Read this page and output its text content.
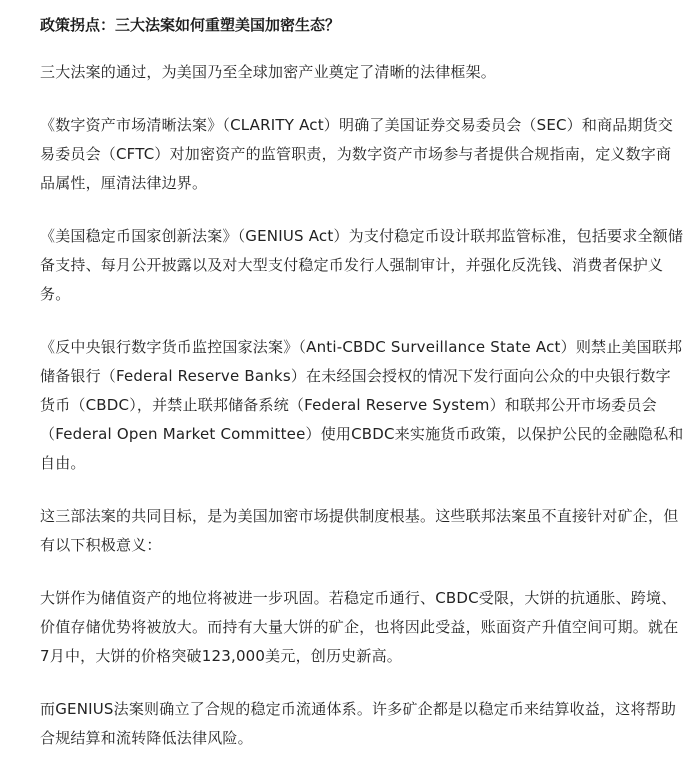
政策拐点：三大法案如何重塑美国加密生态？

三大法案的通过，为美国乃至全球加密产业奠定了清晰的法律框架。

《数字资产市场清晰法案》（CLARITY Act）明确了美国证券交易委员会（SEC）和商品期货交易委员会（CFTC）对加密资产的监管职责，为数字资产市场参与者提供合规指南，定义数字商品属性，厘清法律边界。

《美国稳定币国家创新法案》（GENIUS Act）为支付稳定币设计联邦监管标准，包括要求全额储备支持、每月公开披露以及对大型支付稳定币发行人强制审计，并强化反洗钱、消费者保护义务。

《反中央银行数字货币监控国家法案》（Anti-CBDC Surveillance State Act）则禁止美国联邦储备银行（Federal Reserve Banks）在未经国会授权的情况下发行面向公众的中央银行数字货币（CBDC），并禁止联邦储备系统（Federal Reserve System）和联邦公开市场委员会（Federal Open Market Committee）使用CBDC来实施货币政策，以保护公民的金融隐私和自由。

这三部法案的共同目标，是为美国加密市场提供制度根基。这些联邦法案虽不直接针对矿企，但有以下积极意义：

大饼作为储值资产的地位将被进一步巩固。若稳定币通行、CBDC受限，大饼的抗通胀、跨境、价值存储优势将被放大。而持有大量大饼的矿企，也将因此受益，账面资产升值空间可期。就在7月中，大饼的价格突破123,000美元，创历史新高。

而GENIUS法案则确立了合规的稳定币流通体系。许多矿企都是以稳定币来结算收益，这将帮助合规结算和流转降低法律风险。
